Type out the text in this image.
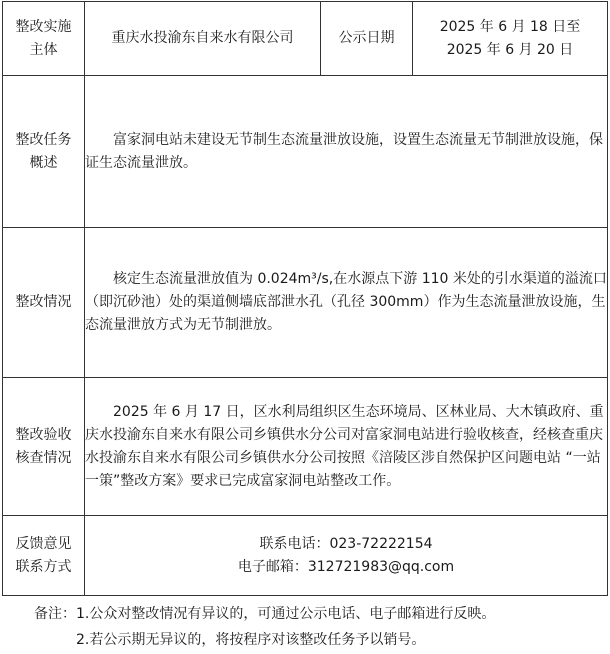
整改实施
主体	重庆水投渝东自来水有限公司	公示日期	2025 年 6 月 18 日至
2025 年 6 月 20 日

整改任务
概述	富家洞电站未建设无节制生态流量泄放设施，设置生态流量无节制泄放设施，保证生态流量泄放。		

整改情况	核定生态流量泄放值为 0.024m³/s,在水源点下游 110 米处的引水渠道的溢流口（即沉砂池）处的渠道侧墙底部泄水孔（孔径 300mm）作为生态流量泄放设施，生态流量泄放方式为无节制泄放。		

整改验收
核查情况	2025 年 6 月 17 日，区水利局组织区生态环境局、区林业局、大木镇政府、重庆水投渝东自来水有限公司乡镇供水分公司对富家洞电站进行验收核查，经核查重庆水投渝东自来水有限公司乡镇供水分公司按照《涪陵区涉自然保护区问题电站 “一站一策”整改方案》要求已完成富家洞电站整改工作。		

反馈意见
联系方式	联系电话：023-72222154
电子邮箱：312721983@qq.com		
备注：1.公众对整改情况有异议的，可通过公示电话、电子邮箱进行反映。
2.若公示期无异议的，将按程序对该整改任务予以销号。
